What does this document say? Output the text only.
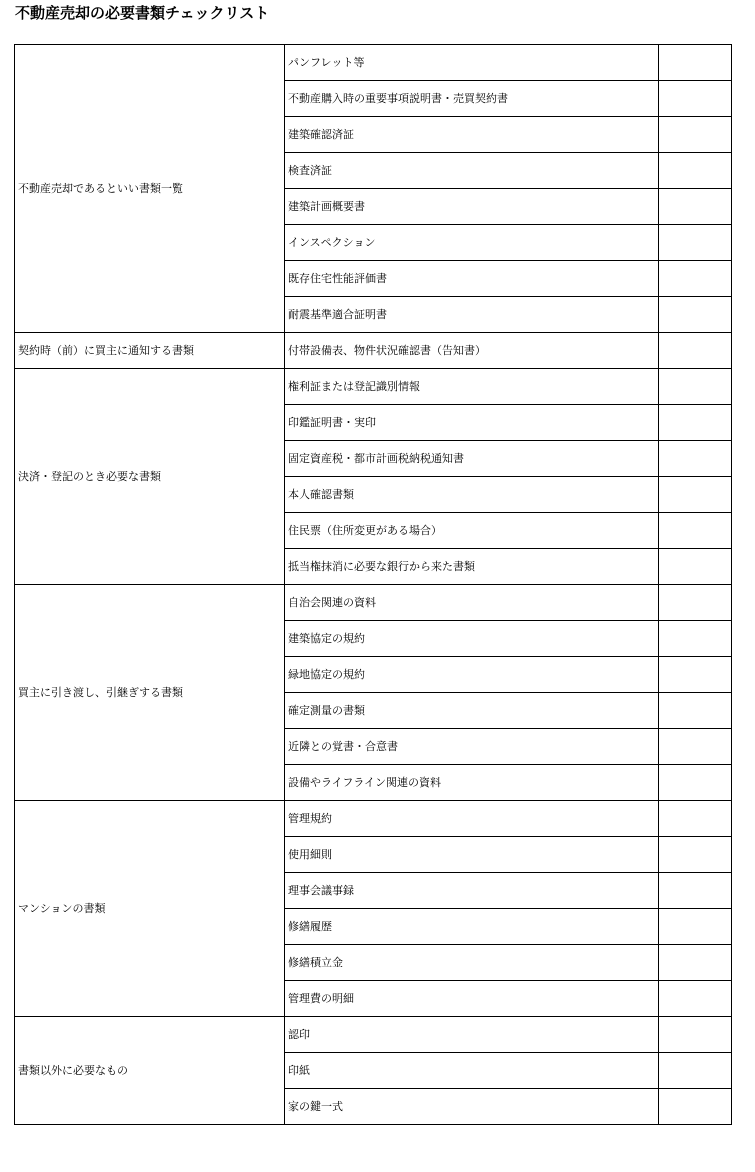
不動産売却の必要書類チェックリスト
不動産売却であるといい書類一覧	パンフレット等	
	不動産購入時の重要事項説明書・売買契約書	
	建築確認済証	
	検査済証	
	建築計画概要書	
	インスペクション	
	既存住宅性能評価書	
	耐震基準適合証明書	
契約時（前）に買主に通知する書類	付帯設備表、物件状況確認書（告知書）	
決済・登記のとき必要な書類	権利証または登記識別情報	
	印鑑証明書・実印	
	固定資産税・都市計画税納税通知書	
	本人確認書類	
	住民票（住所変更がある場合）	
	抵当権抹消に必要な銀行から来た書類	
買主に引き渡し、引継ぎする書類	自治会関連の資料	
	建築協定の規約	
	緑地協定の規約	
	確定測量の書類	
	近隣との覚書・合意書	
	設備やライフライン関連の資料	
マンションの書類	管理規約	
	使用細則	
	理事会議事録	
	修繕履歴	
	修繕積立金	
	管理費の明細	
書類以外に必要なもの	認印	
	印紙	
	家の鍵一式	
